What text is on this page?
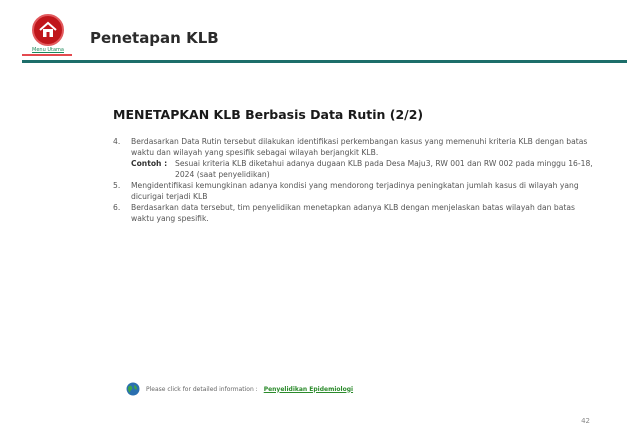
Menu Utama
Penetapan KLB
MENETAPKAN KLB Berbasis Data Rutin (2/2)
4.	Berdasarkan Data Rutin tersebut dilakukan identifikasi perkembangan kasus yang memenuhi kriteria KLB dengan batas waktu dan wilayah yang spesifik sebagai wilayah berjangkit KLB.
Contoh :	Sesuai kriteria KLB diketahui adanya dugaan KLB pada Desa Maju3, RW 001 dan RW 002 pada minggu 16-18, 2024 (saat penyelidikan)
5.	Mengidentifikasi kemungkinan adanya kondisi yang mendorong terjadinya peningkatan jumlah kasus di wilayah yang dicurigai terjadi KLB
6.	Berdasarkan data tersebut, tim penyelidikan menetapkan adanya KLB dengan menjelaskan batas wilayah dan batas waktu yang spesifik.
Please click for detailed information : Penyelidikan Epidemiologi
42
